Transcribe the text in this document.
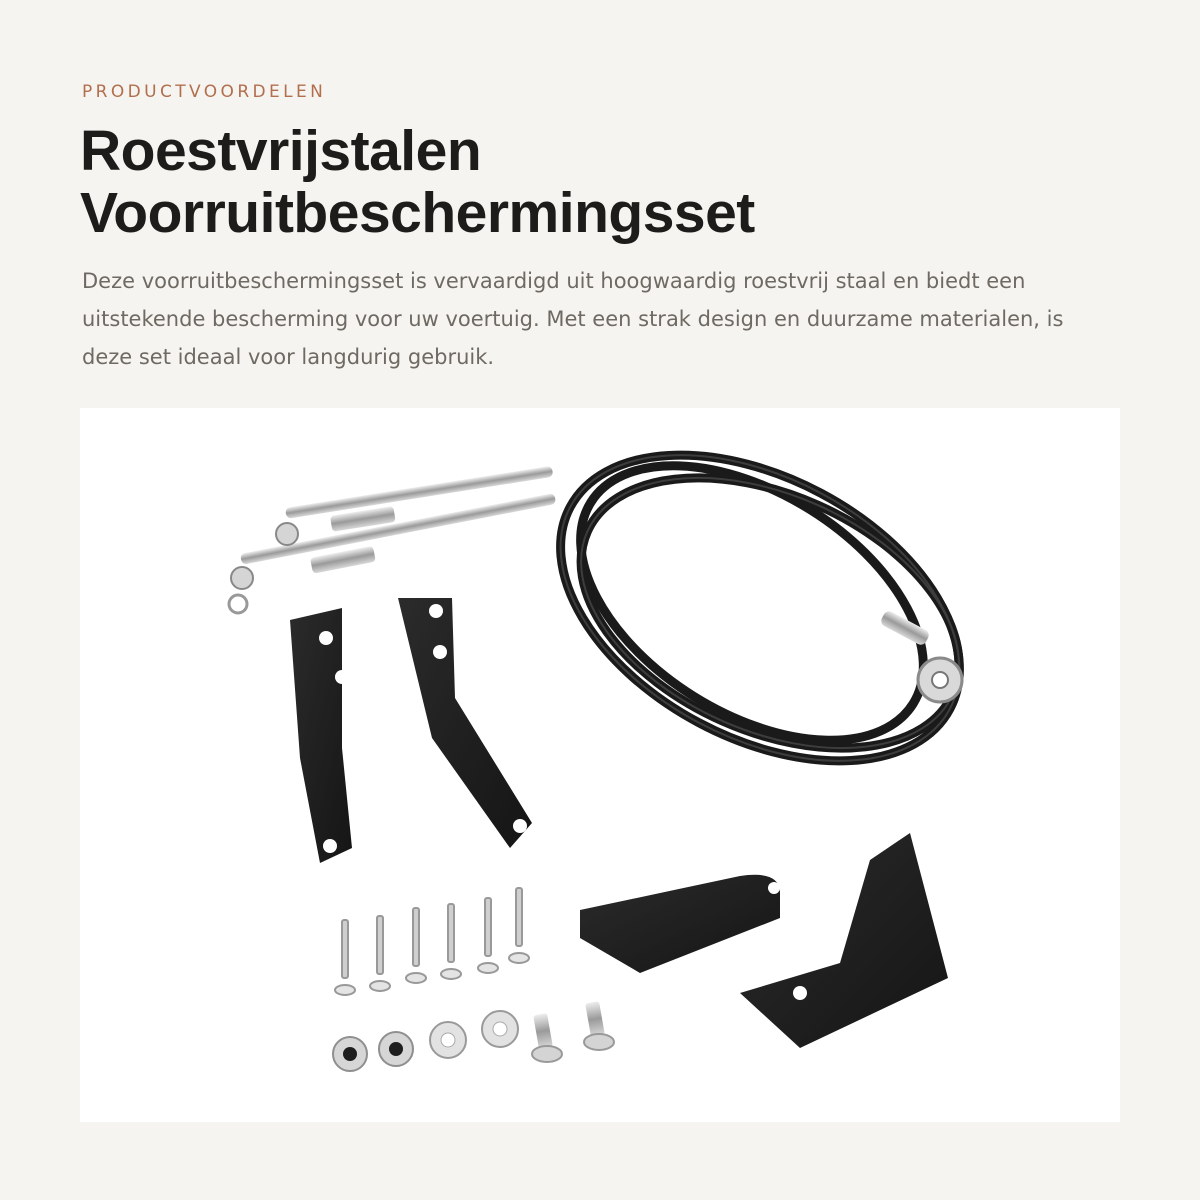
PRODUCTVOORDELEN
Roestvrijstalen Voorruitbeschermingsset

Deze voorruitbeschermingsset is vervaardigd uit hoogwaardig roestvrij staal en biedt een uitstekende bescherming voor uw voertuig. Met een strak design en duurzame materialen, is deze set ideaal voor langdurig gebruik.
